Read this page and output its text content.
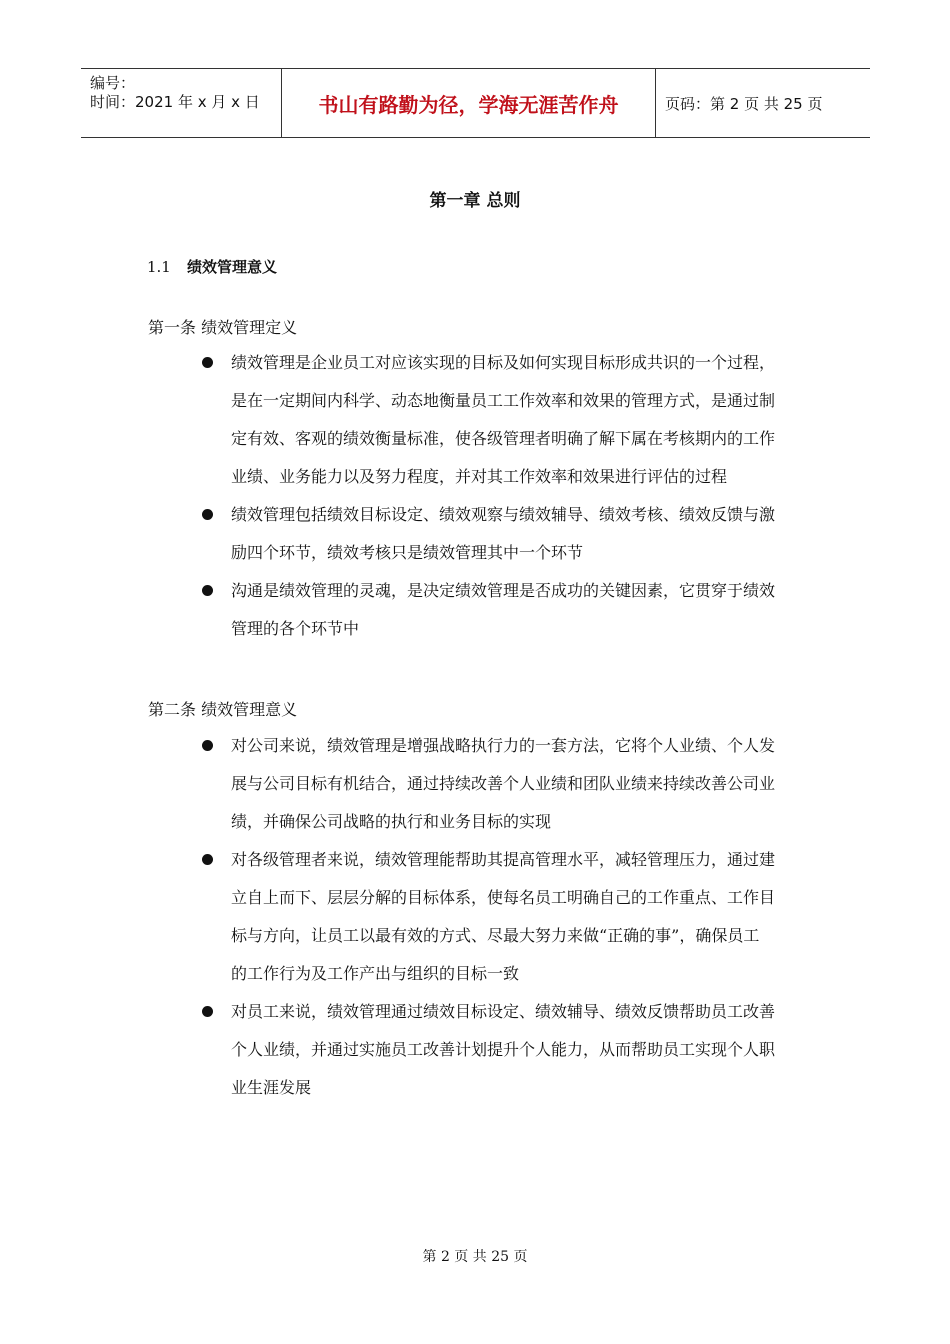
编号：
时间：2021 年 x 月 x 日	书山有路勤为径，学海无涯苦作舟	页码：第 2 页 共 25 页
第一章 总则
1.1 绩效管理意义
第一条 绩效管理定义
绩效管理是企业员工对应该实现的目标及如何实现目标形成共识的一个过程，
是在一定期间内科学、动态地衡量员工工作效率和效果的管理方式，是通过制
定有效、客观的绩效衡量标准，使各级管理者明确了解下属在考核期内的工作
业绩、业务能力以及努力程度，并对其工作效率和效果进行评估的过程
绩效管理包括绩效目标设定、绩效观察与绩效辅导、绩效考核、绩效反馈与激
励四个环节，绩效考核只是绩效管理其中一个环节
沟通是绩效管理的灵魂，是决定绩效管理是否成功的关键因素，它贯穿于绩效
管理的各个环节中
第二条 绩效管理意义
对公司来说，绩效管理是增强战略执行力的一套方法，它将个人业绩、个人发
展与公司目标有机结合，通过持续改善个人业绩和团队业绩来持续改善公司业
绩，并确保公司战略的执行和业务目标的实现
对各级管理者来说，绩效管理能帮助其提高管理水平，减轻管理压力，通过建
立自上而下、层层分解的目标体系，使每名员工明确自己的工作重点、工作目
标与方向，让员工以最有效的方式、尽最大努力来做“正确的事”，确保员工
的工作行为及工作产出与组织的目标一致
对员工来说，绩效管理通过绩效目标设定、绩效辅导、绩效反馈帮助员工改善
个人业绩，并通过实施员工改善计划提升个人能力，从而帮助员工实现个人职
业生涯发展
第 2 页 共 25 页
